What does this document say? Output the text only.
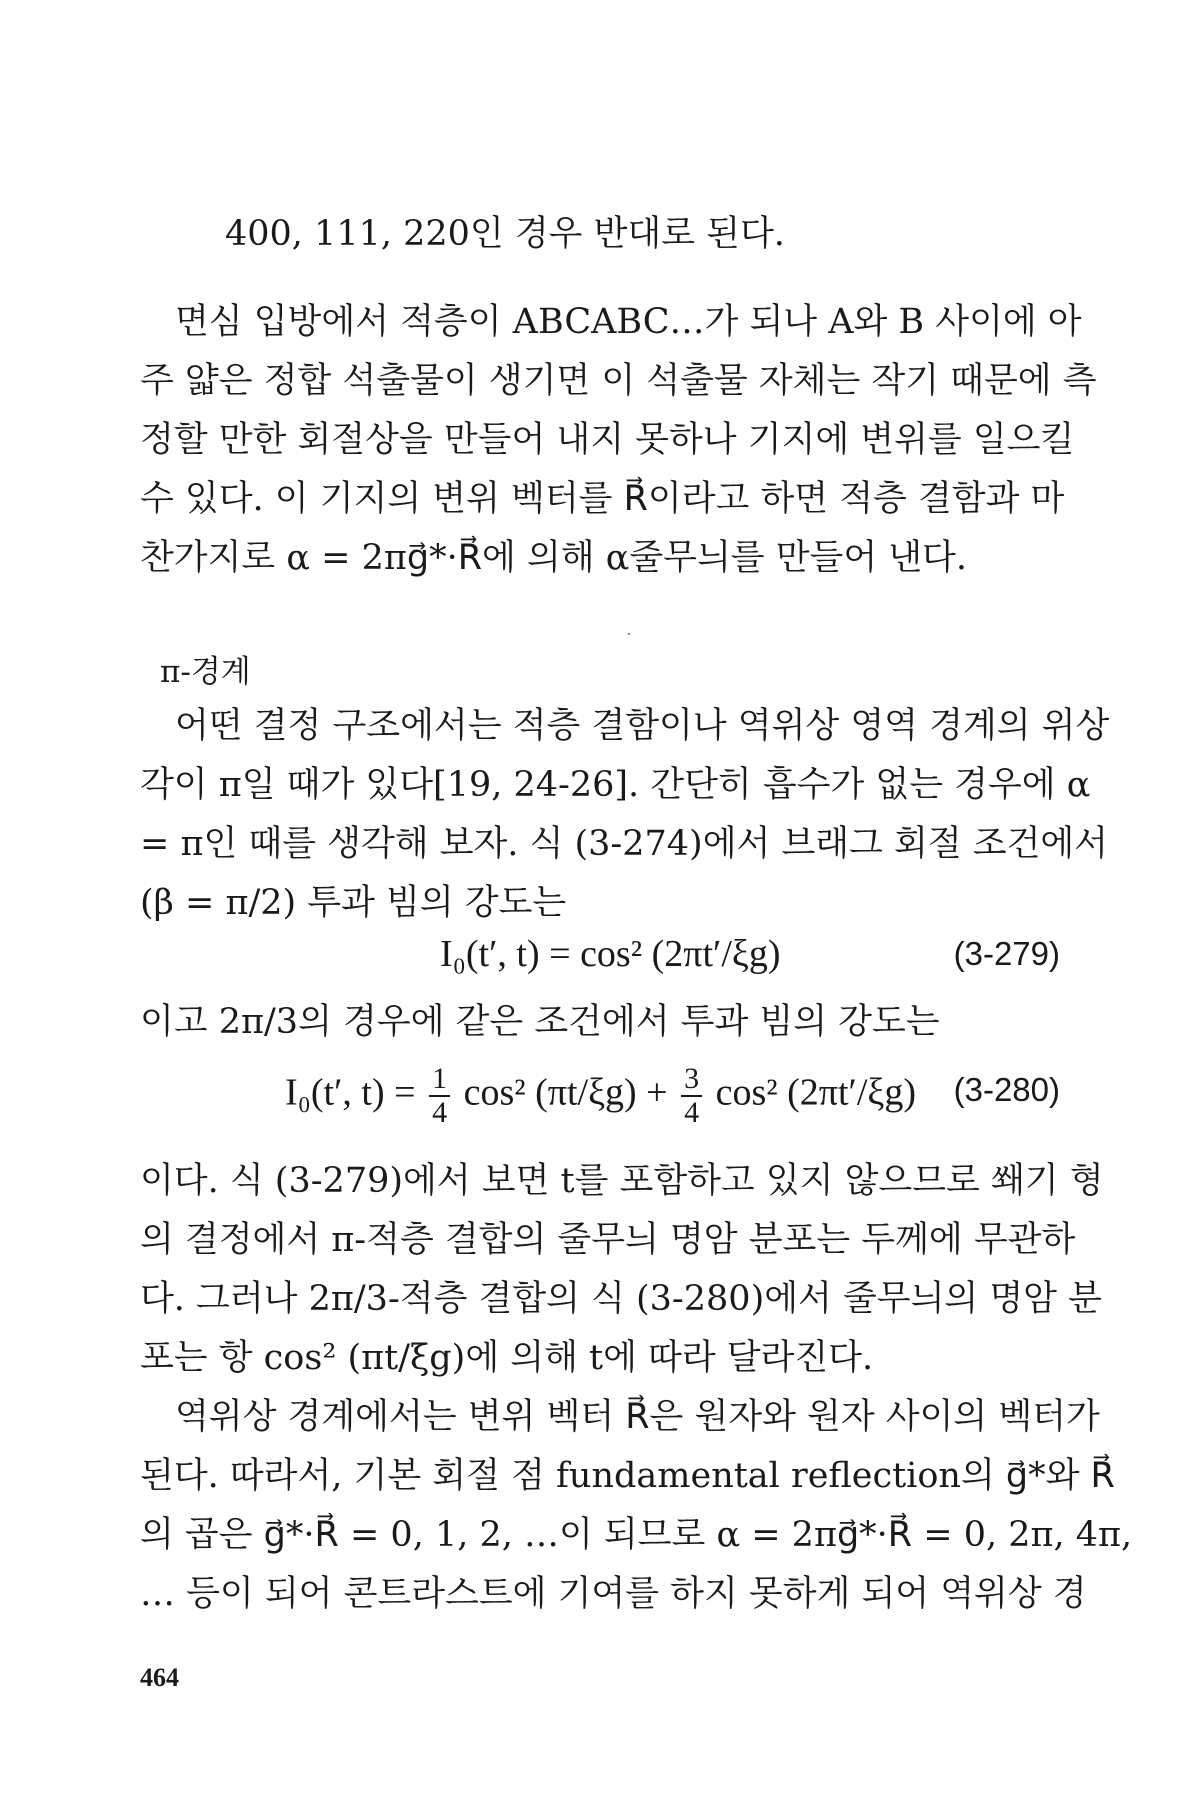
400, 111, 220인 경우 반대로 된다.
면심 입방에서 적층이 ABCABC…가 되나 A와 B 사이에 아
주 얇은 정합 석출물이 생기면 이 석출물 자체는 작기 때문에 측
정할 만한 회절상을 만들어 내지 못하나 기지에 변위를 일으킬
수 있다. 이 기지의 변위 벡터를 R⃗이라고 하면 적층 결함과 마
찬가지로 α = 2πg⃗*·R⃗에 의해 α줄무늬를 만들어 낸다.
π-경계
어떤 결정 구조에서는 적층 결함이나 역위상 영역 경계의 위상
각이 π일 때가 있다[19, 24-26]. 간단히 흡수가 없는 경우에 α
= π인 때를 생각해 보자. 식 (3-274)에서 브래그 회절 조건에서
(β = π/2) 투과 빔의 강도는
I₀(t′, t) = cos² (2πt′/ξg)	(3-279)
이고 2π/3의 경우에 같은 조건에서 투과 빔의 강도는
I₀(t′, $t) = \frac{1}{4} \cos^2$ $(\pi t/\xi g) + \frac{3}{4} \cos^2$ (2πt′/ξg) (3-280)
이다. 식 (3-279)에서 보면 t를 포함하고 있지 않으므로 쐐기 형
의 결정에서 π-적층 결합의 줄무늬 명암 분포는 두께에 무관하
다. 그러나 2π/3-적층 결합의 식 (3-280)에서 줄무늬의 명암 분
포는 항 cos² (πt/ξg)에 의해 t에 따라 달라진다.
역위상 경계에서는 변위 벡터 R⃗은 원자와 원자 사이의 벡터가
된다. 따라서, 기본 회절 점 fundamental reflection의 g⃗*와 R⃗
의 곱은 g⃗*·R⃗ = 0, 1, 2, …이 되므로 α = 2πg⃗*·R⃗ = 0, 2π, 4π,
… 등이 되어 콘트라스트에 기여를 하지 못하게 되어 역위상 경
464
